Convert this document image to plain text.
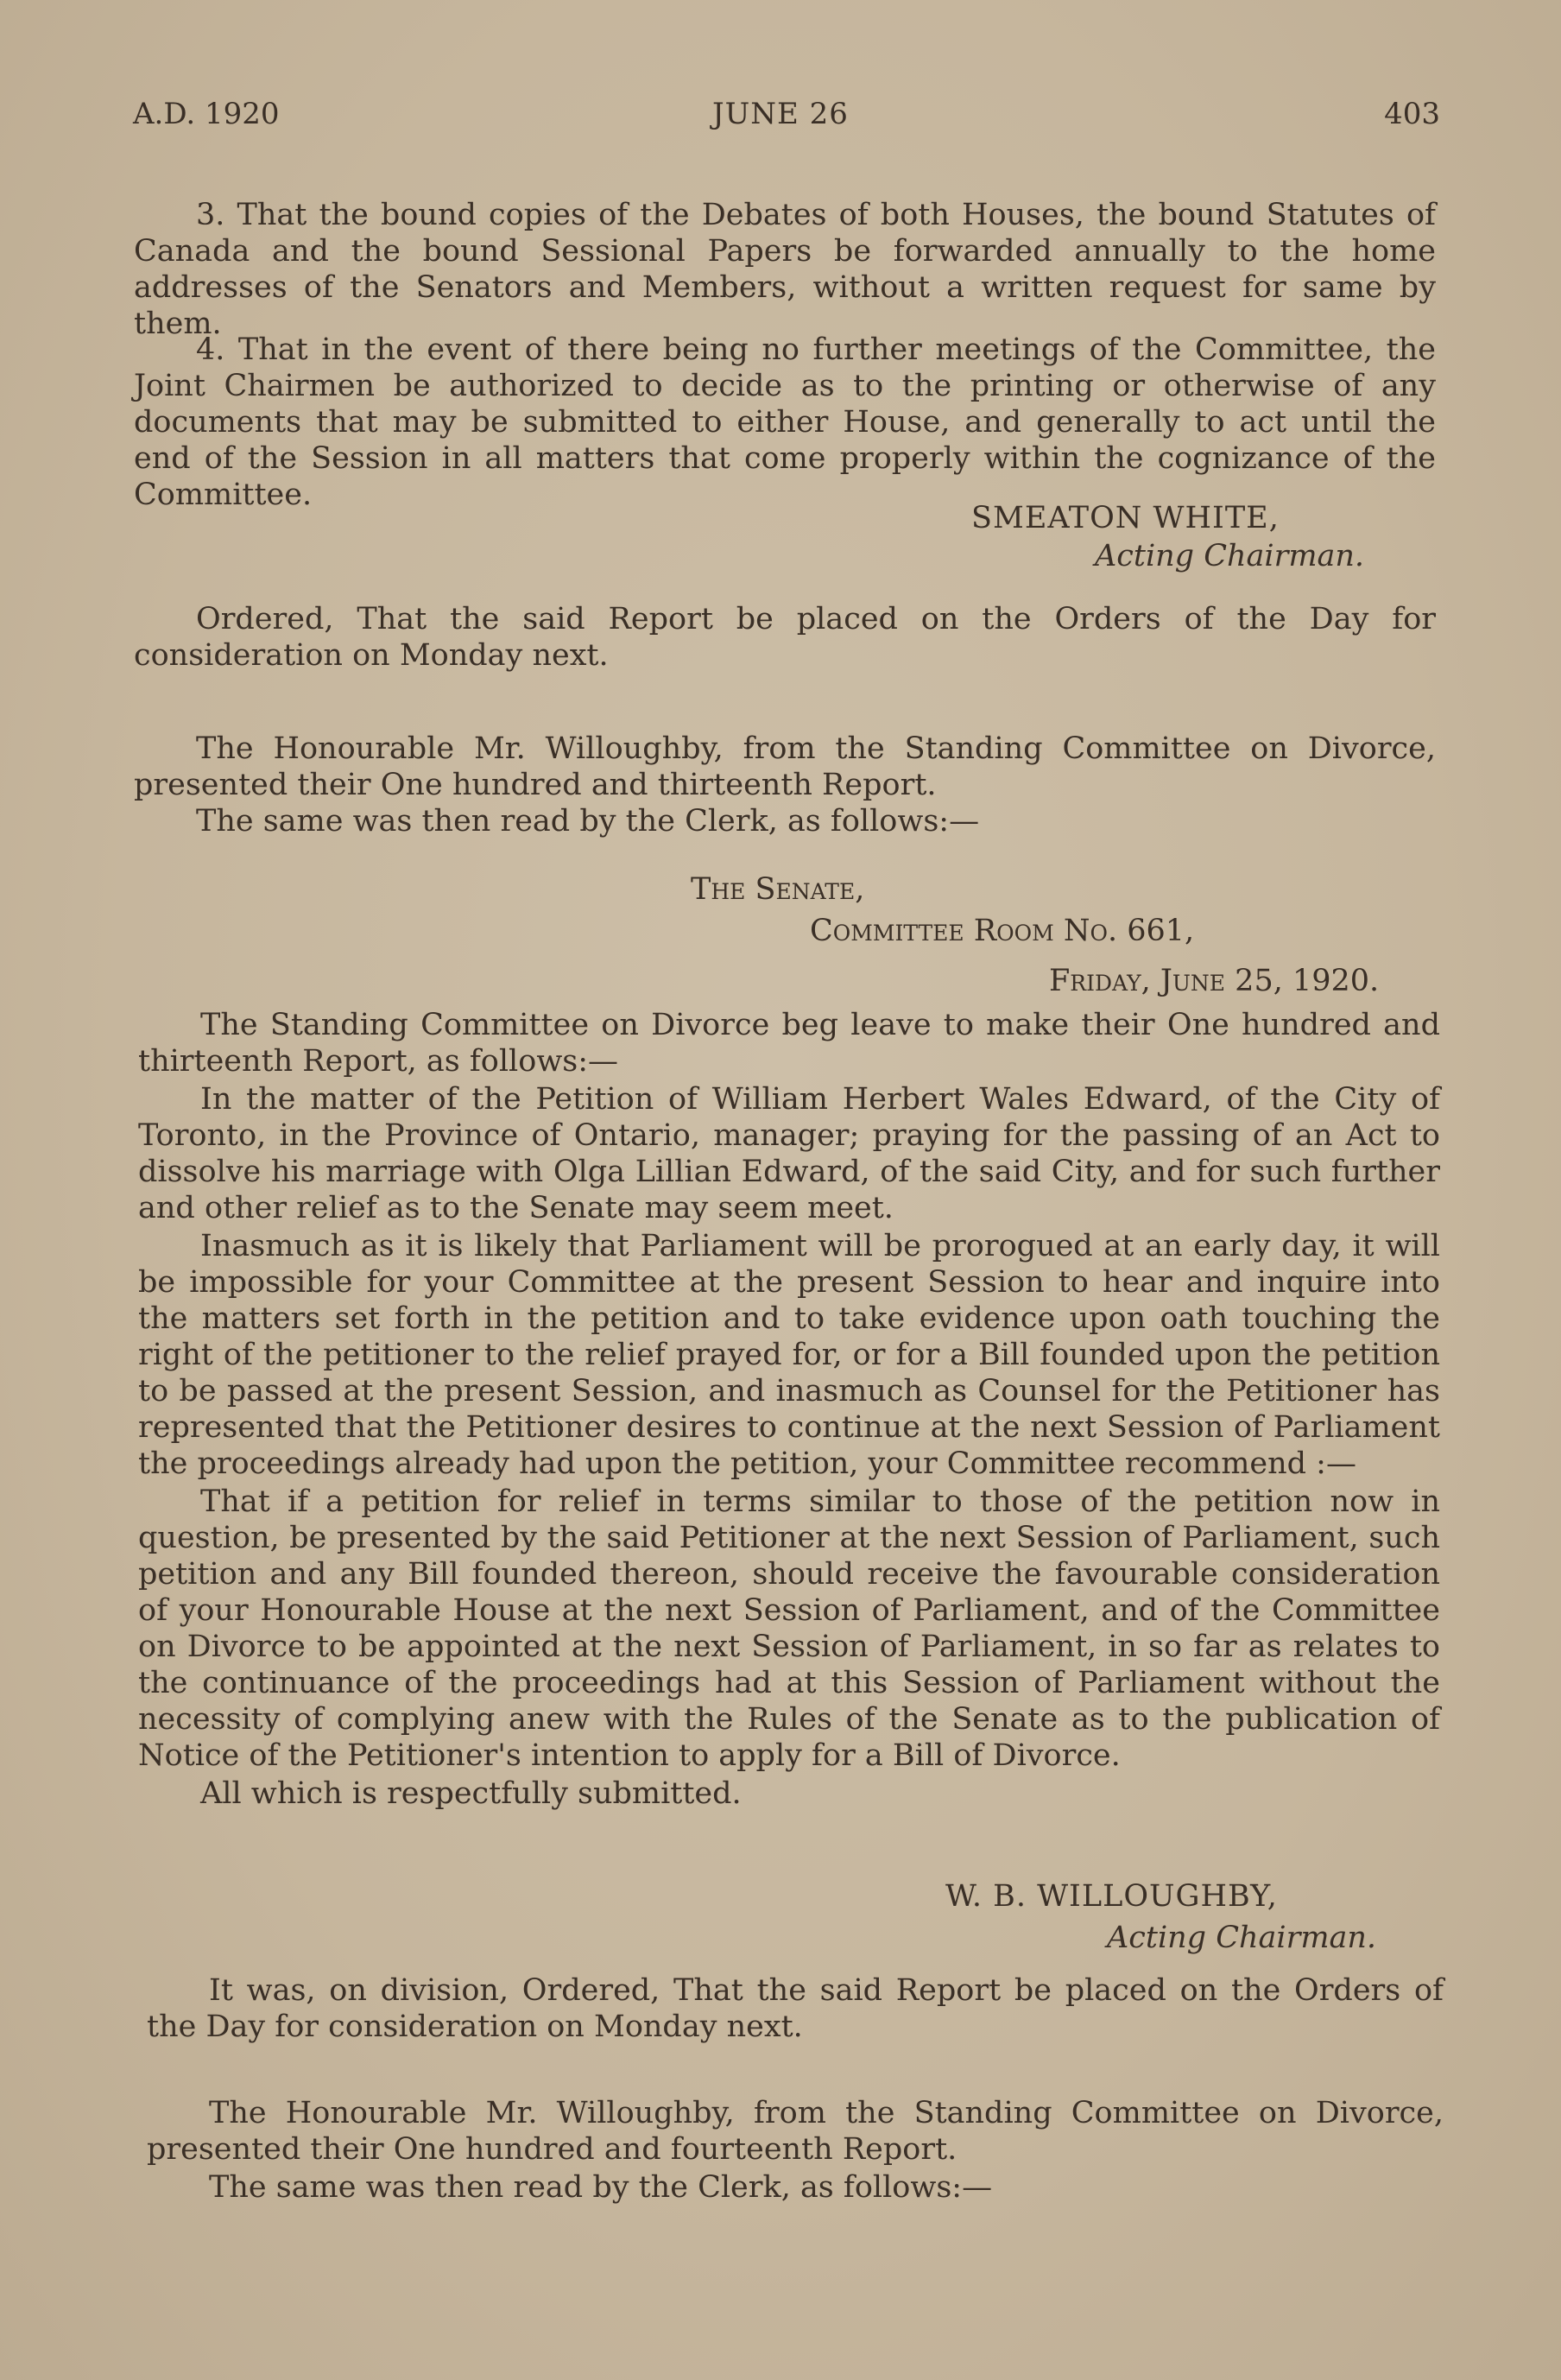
A.D. 1920	JUNE 26	403

3. That the bound copies of the Debates of both Houses, the bound Statutes of Canada and the bound Sessional Papers be forwarded annually to the home addresses of the Senators and Members, without a written request for same by them.

4. That in the event of there being no further meetings of the Committee, the Joint Chairmen be authorized to decide as to the printing or otherwise of any documents that may be submitted to either House, and generally to act until the end of the Session in all matters that come properly within the cognizance of the Committee.

SMEATON WHITE,
Acting Chairman.

Ordered, That the said Report be placed on the Orders of the Day for consideration on Monday next.

The Honourable Mr. Willoughby, from the Standing Committee on Divorce, presented their One hundred and thirteenth Report.

The same was then read by the Clerk, as follows:—

The Senate,
Committee Room No. 661,
Friday, June 25, 1920.

The Standing Committee on Divorce beg leave to make their One hundred and thirteenth Report, as follows:—

In the matter of the Petition of William Herbert Wales Edward, of the City of Toronto, in the Province of Ontario, manager; praying for the passing of an Act to dissolve his marriage with Olga Lillian Edward, of the said City, and for such further and other relief as to the Senate may seem meet.

Inasmuch as it is likely that Parliament will be prorogued at an early day, it will be impossible for your Committee at the present Session to hear and inquire into the matters set forth in the petition and to take evidence upon oath touching the right of the petitioner to the relief prayed for, or for a Bill founded upon the petition to be passed at the present Session, and inasmuch as Counsel for the Petitioner has represented that the Petitioner desires to continue at the next Session of Parliament the proceedings already had upon the petition, your Committee recommend :—

That if a petition for relief in terms similar to those of the petition now in question, be presented by the said Petitioner at the next Session of Parliament, such petition and any Bill founded thereon, should receive the favourable consideration of your Honourable House at the next Session of Parliament, and of the Committee on Divorce to be appointed at the next Session of Parliament, in so far as relates to the continuance of the proceedings had at this Session of Parliament without the necessity of complying anew with the Rules of the Senate as to the publication of Notice of the Petitioner's intention to apply for a Bill of Divorce.

All which is respectfully submitted.

W. B. WILLOUGHBY,
Acting Chairman.

It was, on division, Ordered, That the said Report be placed on the Orders of the Day for consideration on Monday next.

The Honourable Mr. Willoughby, from the Standing Committee on Divorce, presented their One hundred and fourteenth Report.

The same was then read by the Clerk, as follows:—
